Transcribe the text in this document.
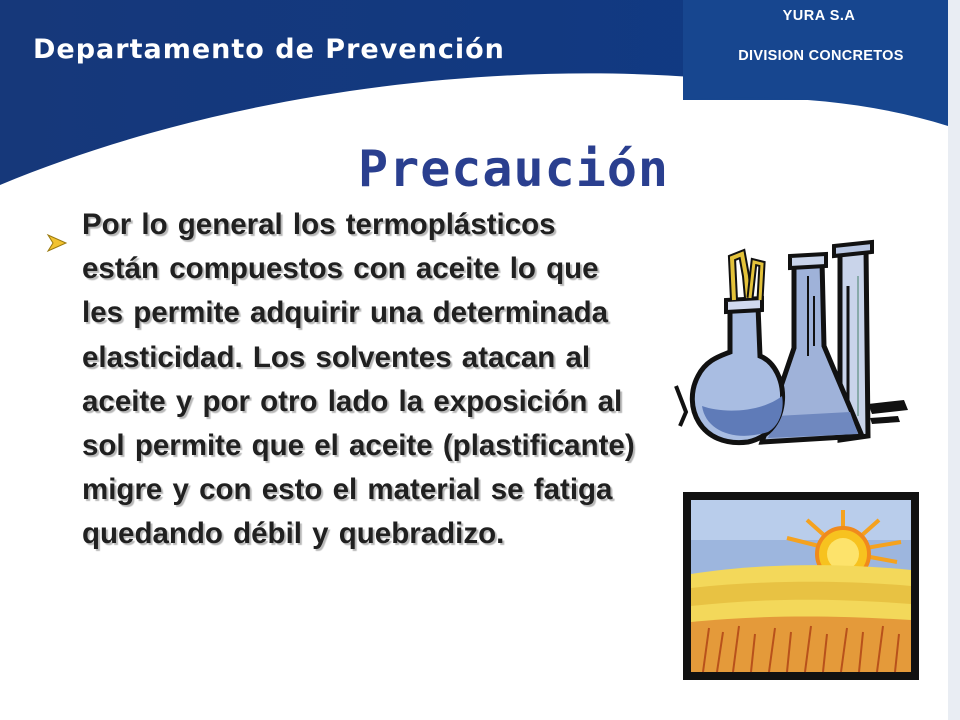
Departamento de Prevención
YURA S.A
DIVISION CONCRETOS
Precaución
Por lo general los termoplásticos están compuestos con aceite lo que les permite adquirir una determinada elasticidad. Los solventes atacan al aceite y por otro lado la exposición al sol permite que el aceite (plastificante) migre y con esto el material se fatiga quedando débil y quebradizo.
